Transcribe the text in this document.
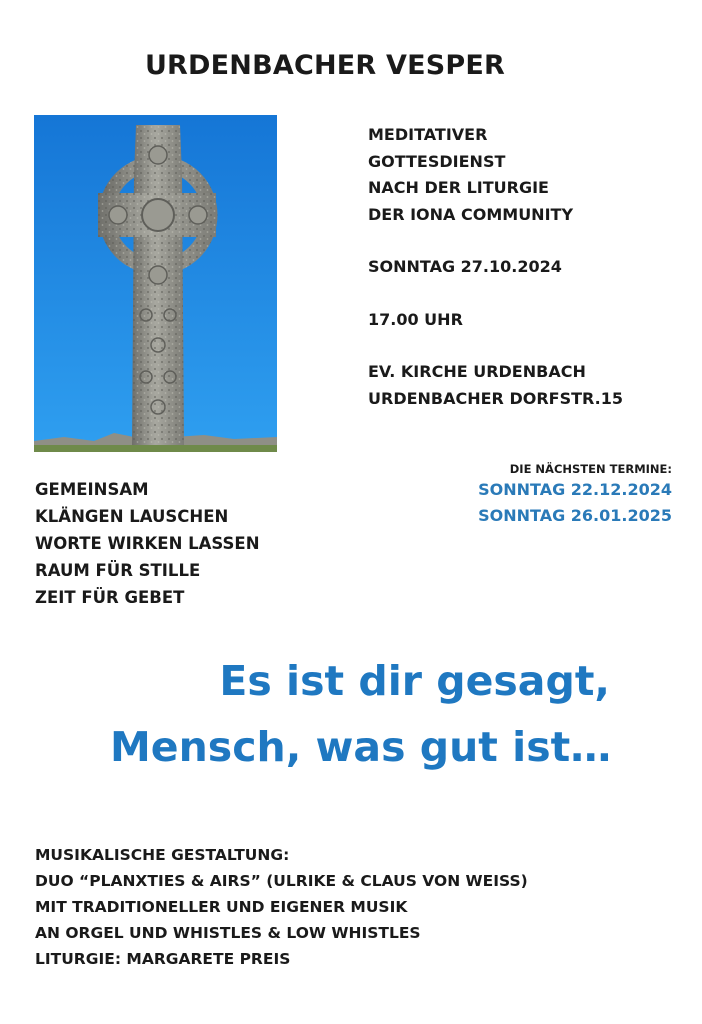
URDENBACHER VESPER
MEDITATIVER
GOTTESDIENST
NACH DER LITURGIE
DER IONA COMMUNITY
SONNTAG 27.10.2024
17.00 UHR
EV. KIRCHE URDENBACH
URDENBACHER DORFSTR.15
DIE NÄCHSTEN TERMINE:
SONNTAG 22.12.2024
SONNTAG 26.01.2025
GEMEINSAM
KLÄNGEN LAUSCHEN
WORTE WIRKEN LASSEN
RAUM FÜR STILLE
ZEIT FÜR GEBET
Es ist dir gesagt,
Mensch, was gut ist…
MUSIKALISCHE GESTALTUNG:
DUO “PLANXTIES & AIRS” (ULRIKE & CLAUS VON WEISS)
MIT TRADITIONELLER UND EIGENER MUSIK
AN ORGEL UND WHISTLES & LOW WHISTLES
LITURGIE: MARGARETE PREIS
